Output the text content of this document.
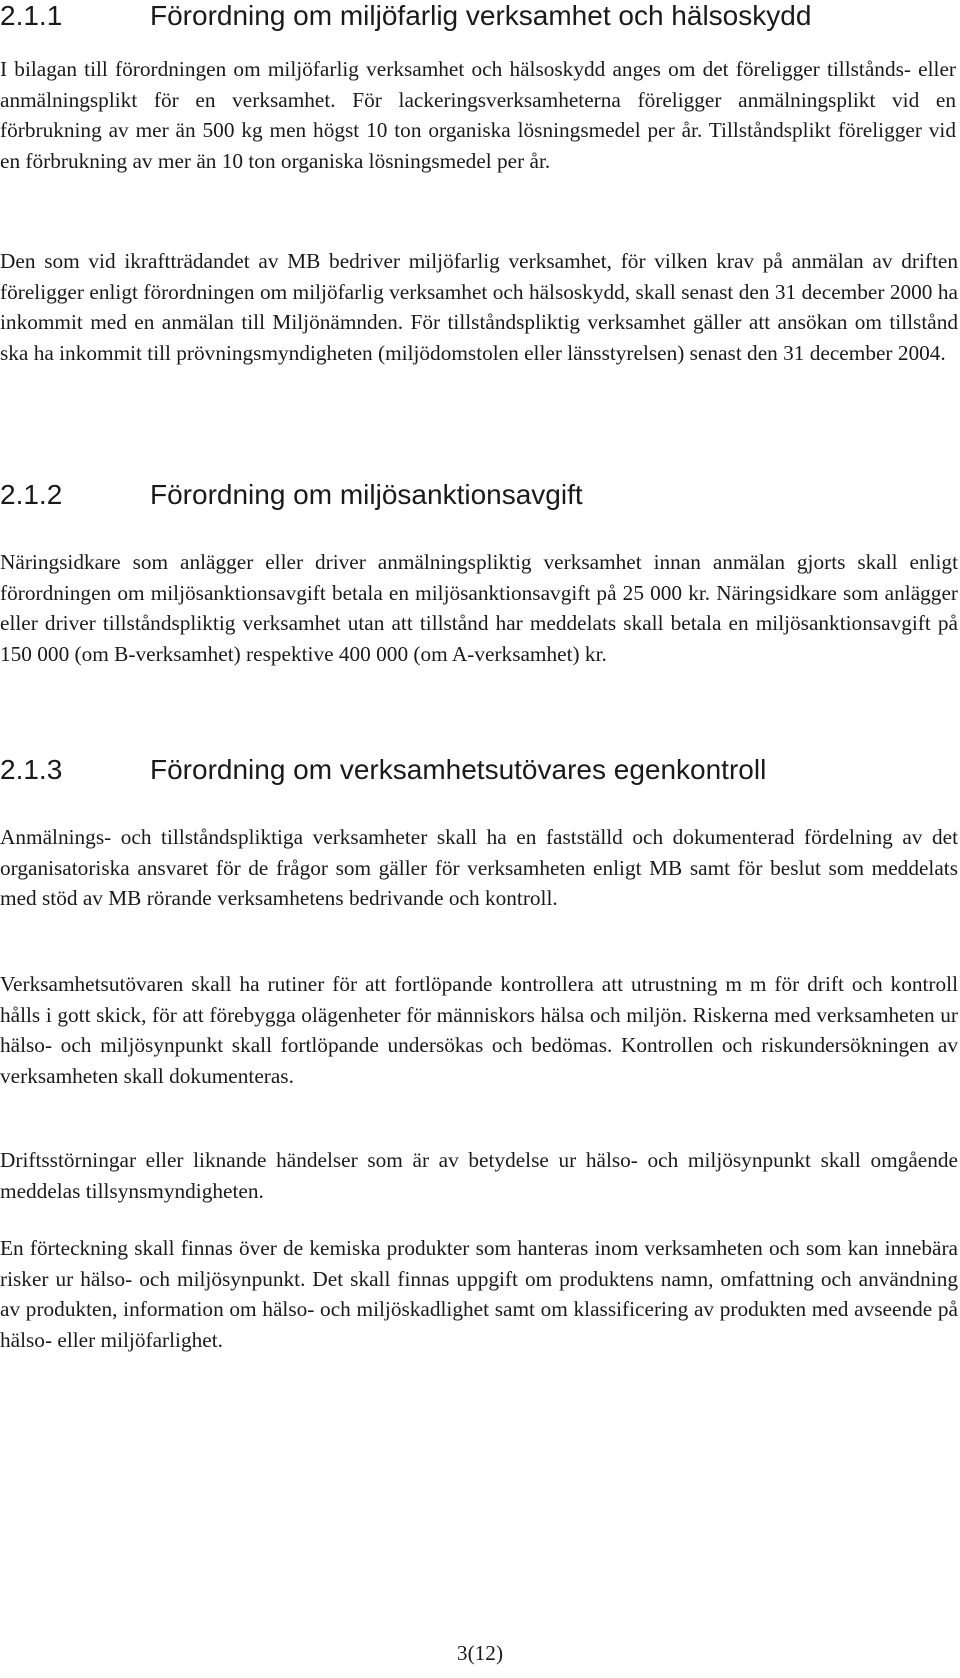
2.1.1	Förordning om miljöfarlig verksamhet och hälsoskydd

I bilagan till förordningen om miljöfarlig verksamhet och hälsoskydd anges om det föreligger tillstånds- eller anmälningsplikt för en verksamhet. För lackeringsverksamheterna föreligger anmälningsplikt vid en förbrukning av mer än 500 kg men högst 10 ton organiska lösningsmedel per år. Tillståndsplikt föreligger vid en förbrukning av mer än 10 ton organiska lösningsmedel per år.

Den som vid ikraftträdandet av MB bedriver miljöfarlig verksamhet, för vilken krav på anmälan av driften föreligger enligt förordningen om miljöfarlig verksamhet och hälsoskydd, skall senast den 31 december 2000 ha inkommit med en anmälan till Miljönämnden. För tillståndspliktig verksamhet gäller att ansökan om tillstånd ska ha inkommit till prövningsmyndigheten (miljödomstolen eller länsstyrelsen) senast den 31 december 2004.

2.1.2	Förordning om miljösanktionsavgift

Näringsidkare som anlägger eller driver anmälningspliktig verksamhet innan anmälan gjorts skall enligt förordningen om miljösanktionsavgift betala en miljösanktionsavgift på 25 000 kr. Näringsidkare som anlägger eller driver tillståndspliktig verksamhet utan att tillstånd har meddelats skall betala en miljösanktionsavgift på 150 000 (om B-verksamhet) respektive 400 000 (om A-verksamhet) kr.

2.1.3	Förordning om verksamhetsutövares egenkontroll

Anmälnings- och tillståndspliktiga verksamheter skall ha en fastställd och dokumenterad fördelning av det organisatoriska ansvaret för de frågor som gäller för verksamheten enligt MB samt för beslut som meddelats med stöd av MB rörande verksamhetens bedrivande och kontroll.

Verksamhetsutövaren skall ha rutiner för att fortlöpande kontrollera att utrustning m m för drift och kontroll hålls i gott skick, för att förebygga olägenheter för människors hälsa och miljön. Riskerna med verksamheten ur hälso- och miljösynpunkt skall fortlöpande undersökas och bedömas. Kontrollen och riskundersökningen av verksamheten skall dokumenteras.

Driftsstörningar eller liknande händelser som är av betydelse ur hälso- och miljösynpunkt skall omgående meddelas tillsynsmyndigheten.

En förteckning skall finnas över de kemiska produkter som hanteras inom verksamheten och som kan innebära risker ur hälso- och miljösynpunkt. Det skall finnas uppgift om produktens namn, omfattning och användning av produkten, information om hälso- och miljöskadlighet samt om klassificering av produkten med avseende på hälso- eller miljöfarlighet.

3(12)
